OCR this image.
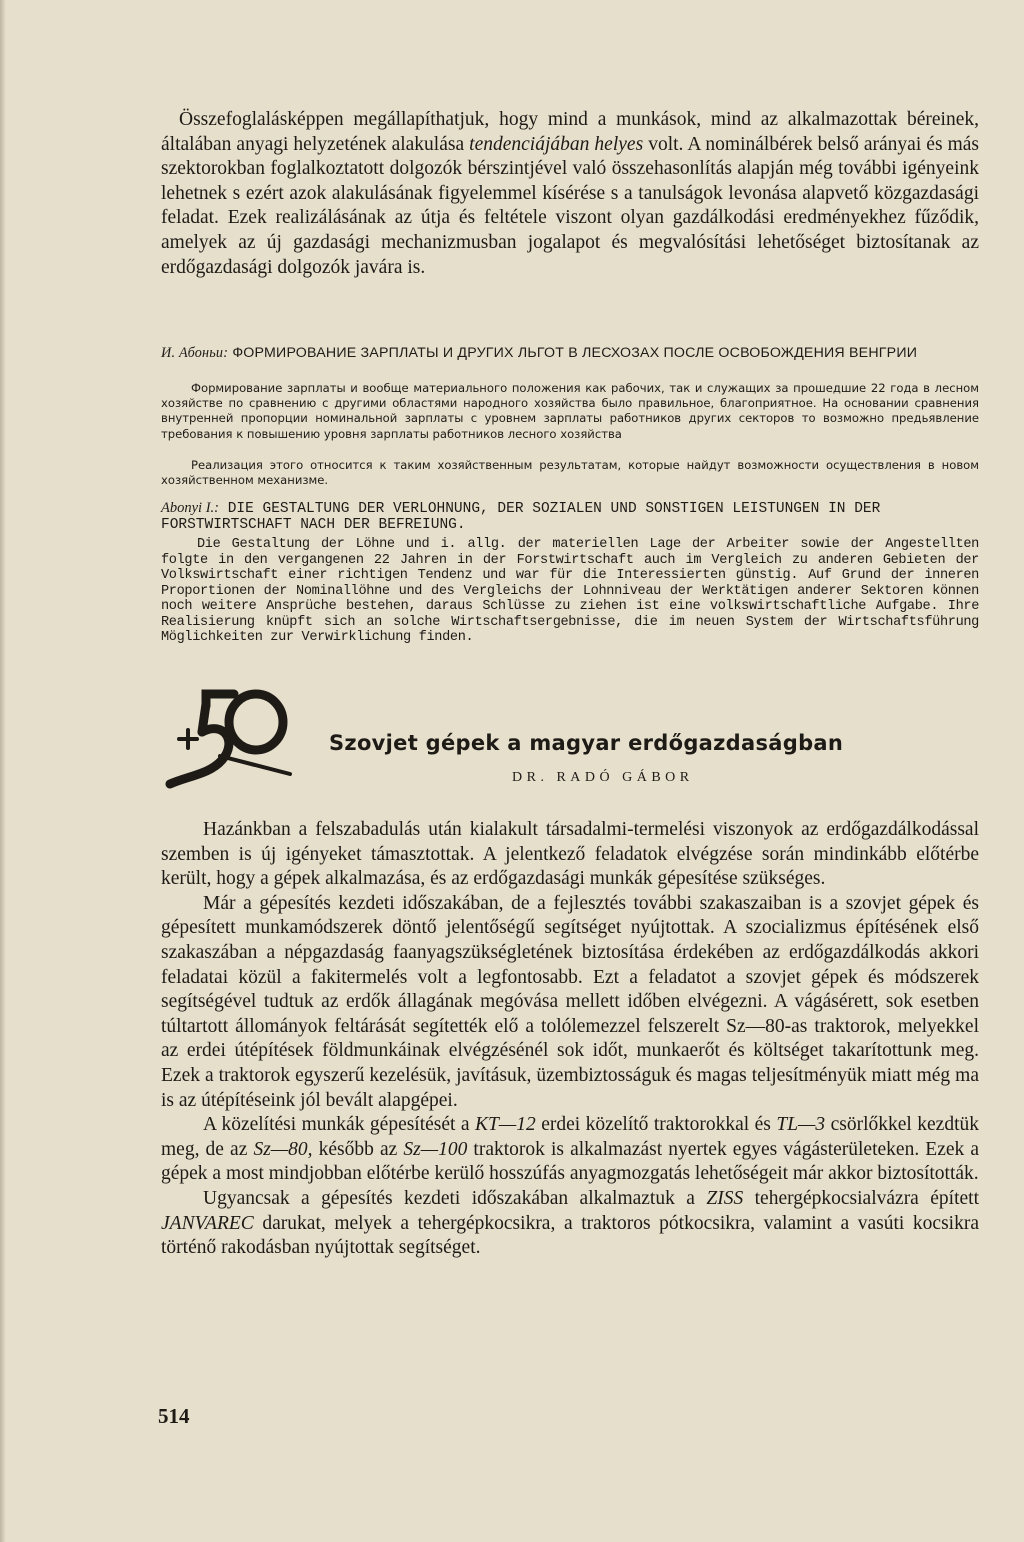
Összefoglalásképpen megállapíthatjuk, hogy mind a munkások, mind az alkalmazottak béreinek, általában anyagi helyzetének alakulása tendenciájában helyes volt. A nominálbérek belső arányai és más szektorokban foglalkoztatott dolgozók bérszintjével való összehasonlítás alapján még további igényeink lehetnek s ezért azok alakulásának figyelemmel kísérése s a tanulságok levonása alapvető közgazdasági feladat. Ezek realizálásának az útja és feltétele viszont olyan gazdálkodási eredményekhez fűződik, amelyek az új gazdasági mechanizmusban jogalapot és megvalósítási lehetőséget biztosítanak az erdőgazdasági dolgozók javára is.

И. Абоньи: ФОРМИРОВАНИЕ ЗАРПЛАТЫ И ДРУГИХ ЛЬГОТ В ЛЕСХОЗАХ ПОСЛЕ ОСВОБОЖДЕНИЯ ВЕНГРИИ

Формирование зарплаты и вообще материального положения как рабочих, так и служащих за прошедшие 22 года в лесном хозяйстве по сравнению с другими областями народного хозяйства было правильное, благоприятное. На основании сравнения внутренней пропорции номинальной зарплаты с уровнем зарплаты работников других секторов то возможно предьявление требования к повышению уровня зарплаты работников лесного хозяйства

Реализация этого относится к таким хозяйственным результатам, которые найдут возможности осуществления в новом хозяйственном механизме.

Abonyi I.: DIE GESTALTUNG DER VERLOHNUNG, DER SOZIALEN UND SONSTIGEN LEISTUNGEN IN DER FORSTWIRTSCHAFT NACH DER BEFREIUNG.

Die Gestaltung der Löhne und i. allg. der materiellen Lage der Arbeiter sowie der Angestellten folgte in den vergangenen 22 Jahren in der Forstwirtschaft auch im Vergleich zu anderen Gebieten der Volkswirtschaft einer richtigen Tendenz und war für die Interessierten günstig. Auf Grund der inneren Proportionen der Nominallöhne und des Vergleichs der Lohnniveau der Werktätigen anderer Sektoren können noch weitere Ansprüche bestehen, daraus Schlüsse zu ziehen ist eine volkswirtschaftliche Aufgabe. Ihre Realisierung knüpft sich an solche Wirtschaftsergebnisse, die im neuen System der Wirtschaftsführung Möglichkeiten zur Verwirklichung finden.

Szovjet gépek a magyar erdőgazdaságban
DR. RADÓ GÁBOR

Hazánkban a felszabadulás után kialakult társadalmi-termelési viszonyok az erdőgazdálkodással szemben is új igényeket támasztottak. A jelentkező feladatok elvégzése során mindinkább előtérbe került, hogy a gépek alkalmazása, és az erdőgazdasági munkák gépesítése szükséges.

Már a gépesítés kezdeti időszakában, de a fejlesztés további szakaszaiban is a szovjet gépek és gépesített munkamódszerek döntő jelentőségű segítséget nyújtottak. A szocializmus építésének első szakaszában a népgazdaság faanyagszükségletének biztosítása érdekében az erdőgazdálkodás akkori feladatai közül a fakitermelés volt a legfontosabb. Ezt a feladatot a szovjet gépek és módszerek segítségével tudtuk az erdők állagának megóvása mellett időben elvégezni. A vágásérett, sok esetben túltartott állományok feltárását segítették elő a tolólemezzel felszerelt Sz—80-as traktorok, melyekkel az erdei útépítések földmunkáinak elvégzésénél sok időt, munkaerőt és költséget takarítottunk meg. Ezek a traktorok egyszerű kezelésük, javításuk, üzembiztosságuk és magas teljesítményük miatt még ma is az útépítéseink jól bevált alapgépei.

A közelítési munkák gépesítését a KT—12 erdei közelítő traktorokkal és TL—3 csörlőkkel kezdtük meg, de az Sz—80, később az Sz—100 traktorok is alkalmazást nyertek egyes vágásterületeken. Ezek a gépek a most mindjobban előtérbe kerülő hosszúfás anyagmozgatás lehetőségeit már akkor biztosították.

Ugyancsak a gépesítés kezdeti időszakában alkalmaztuk a ZISS tehergépkocsialvázra épített JANVAREC darukat, melyek a tehergépkocsikra, a traktoros pótkocsikra, valamint a vasúti kocsikra történő rakodásban nyújtottak segítséget.

514
